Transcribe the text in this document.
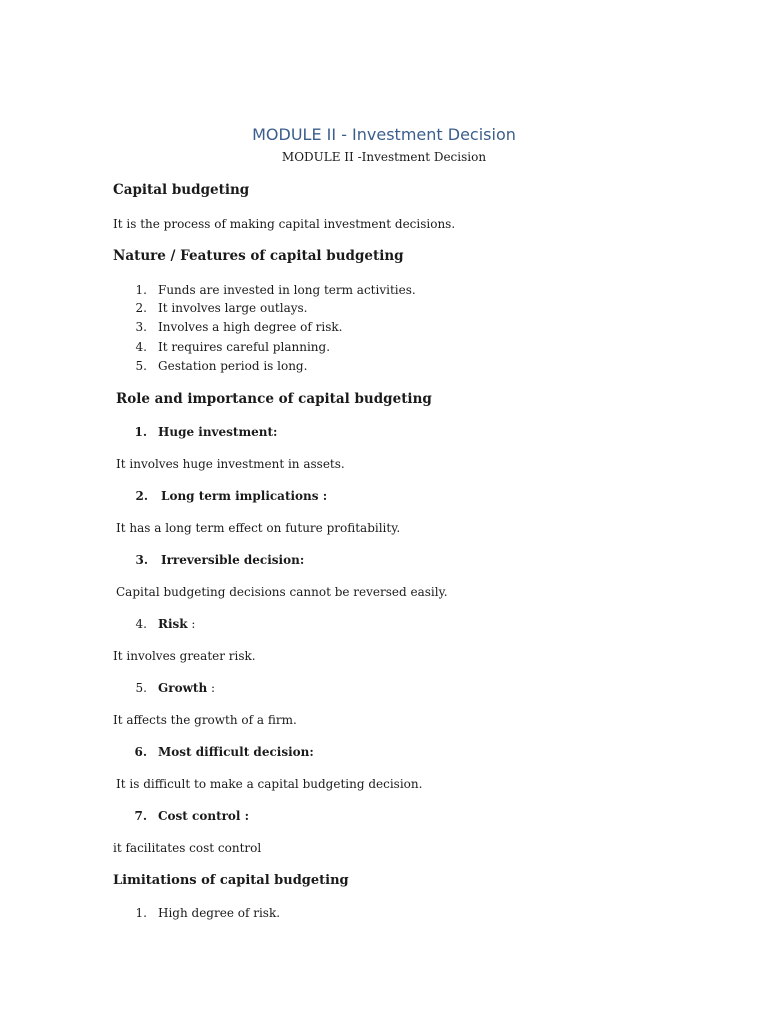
MODULE II - Investment Decision
MODULE II -Investment Decision
Capital budgeting
It is the process of making capital investment decisions.
Nature / Features of capital budgeting
1. Funds are invested in long term activities.
2. It involves large outlays.
3. Involves a high degree of risk.
4. It requires careful planning.
5. Gestation period is long.
Role and importance of capital budgeting
1. Huge investment:
It involves huge investment in assets.
2. Long term implications :
It has a long term effect on future profitability.
3. Irreversible decision:
Capital budgeting decisions cannot be reversed easily.
4. Risk :
It involves greater risk.
5. Growth :
It affects the growth of a firm.
6. Most difficult decision:
It is difficult to make a capital budgeting decision.
7. Cost control :
it facilitates cost control
Limitations of capital budgeting
1. High degree of risk.
